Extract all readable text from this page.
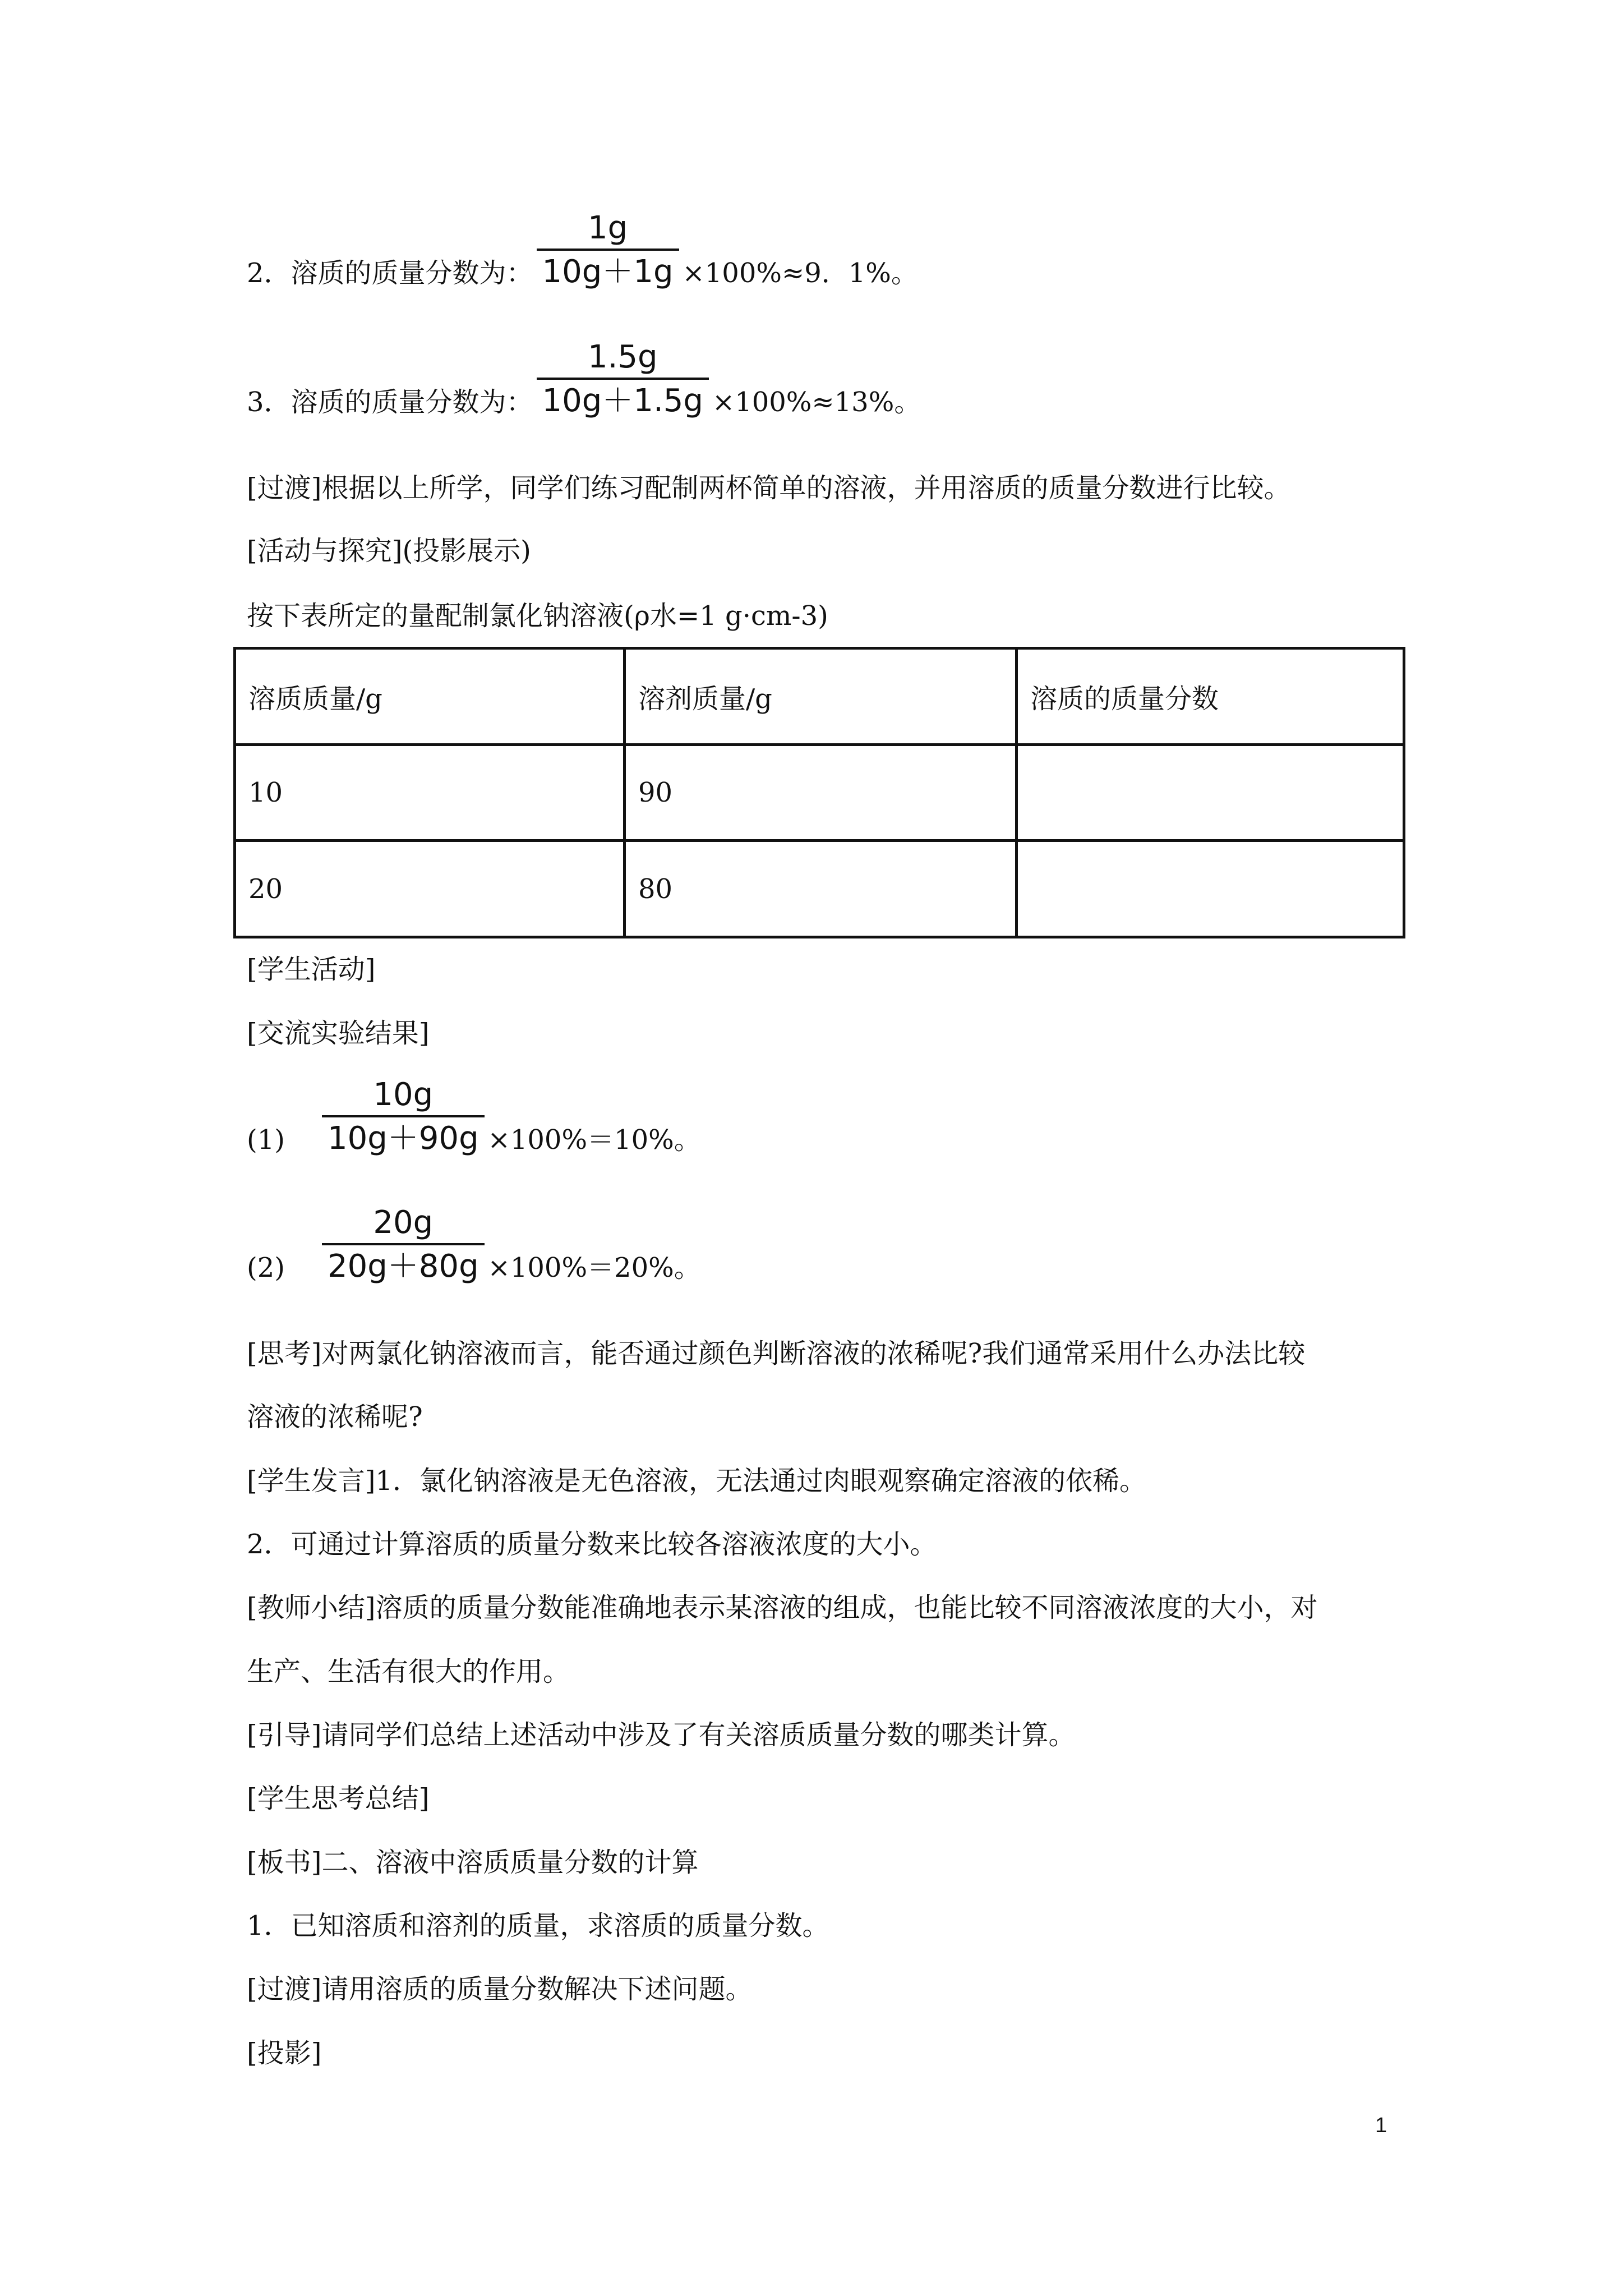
2．溶质的质量分数为： $\frac{1g}{10g+1g} \times 100\%\approx 9$．1%。
3．溶质的质量分数为： $\frac{1.5g}{10g+1.5g} \times 100\%\approx 13\%$。
[过渡]根据以上所学，同学们练习配制两杯简单的溶液，并用溶质的质量分数进行比较。
[活动与探究](投影展示)
按下表所定的量配制氯化钠溶液(ρ水=1 g·cm-3)
溶质质量/g	溶剂质量/g	溶质的质量分数
10	90	
20	80	
[学生活动]
[交流实验结果]
$(1) \frac{10g}{10g+90g} \times 100\%=10\%$。
$(2) \frac{20g}{20g+80g} \times 100\%=20\%$。
[思考]对两氯化钠溶液而言，能否通过颜色判断溶液的浓稀呢?我们通常采用什么办法比较
溶液的浓稀呢?
[学生发言]1．氯化钠溶液是无色溶液，无法通过肉眼观察确定溶液的依稀。
2．可通过计算溶质的质量分数来比较各溶液浓度的大小。
[教师小结]溶质的质量分数能准确地表示某溶液的组成，也能比较不同溶液浓度的大小，对
生产、生活有很大的作用。
[引导]请同学们总结上述活动中涉及了有关溶质质量分数的哪类计算。
[学生思考总结]
[板书]二、溶液中溶质质量分数的计算
1．已知溶质和溶剂的质量，求溶质的质量分数。
[过渡]请用溶质的质量分数解决下述问题。
[投影]
1
